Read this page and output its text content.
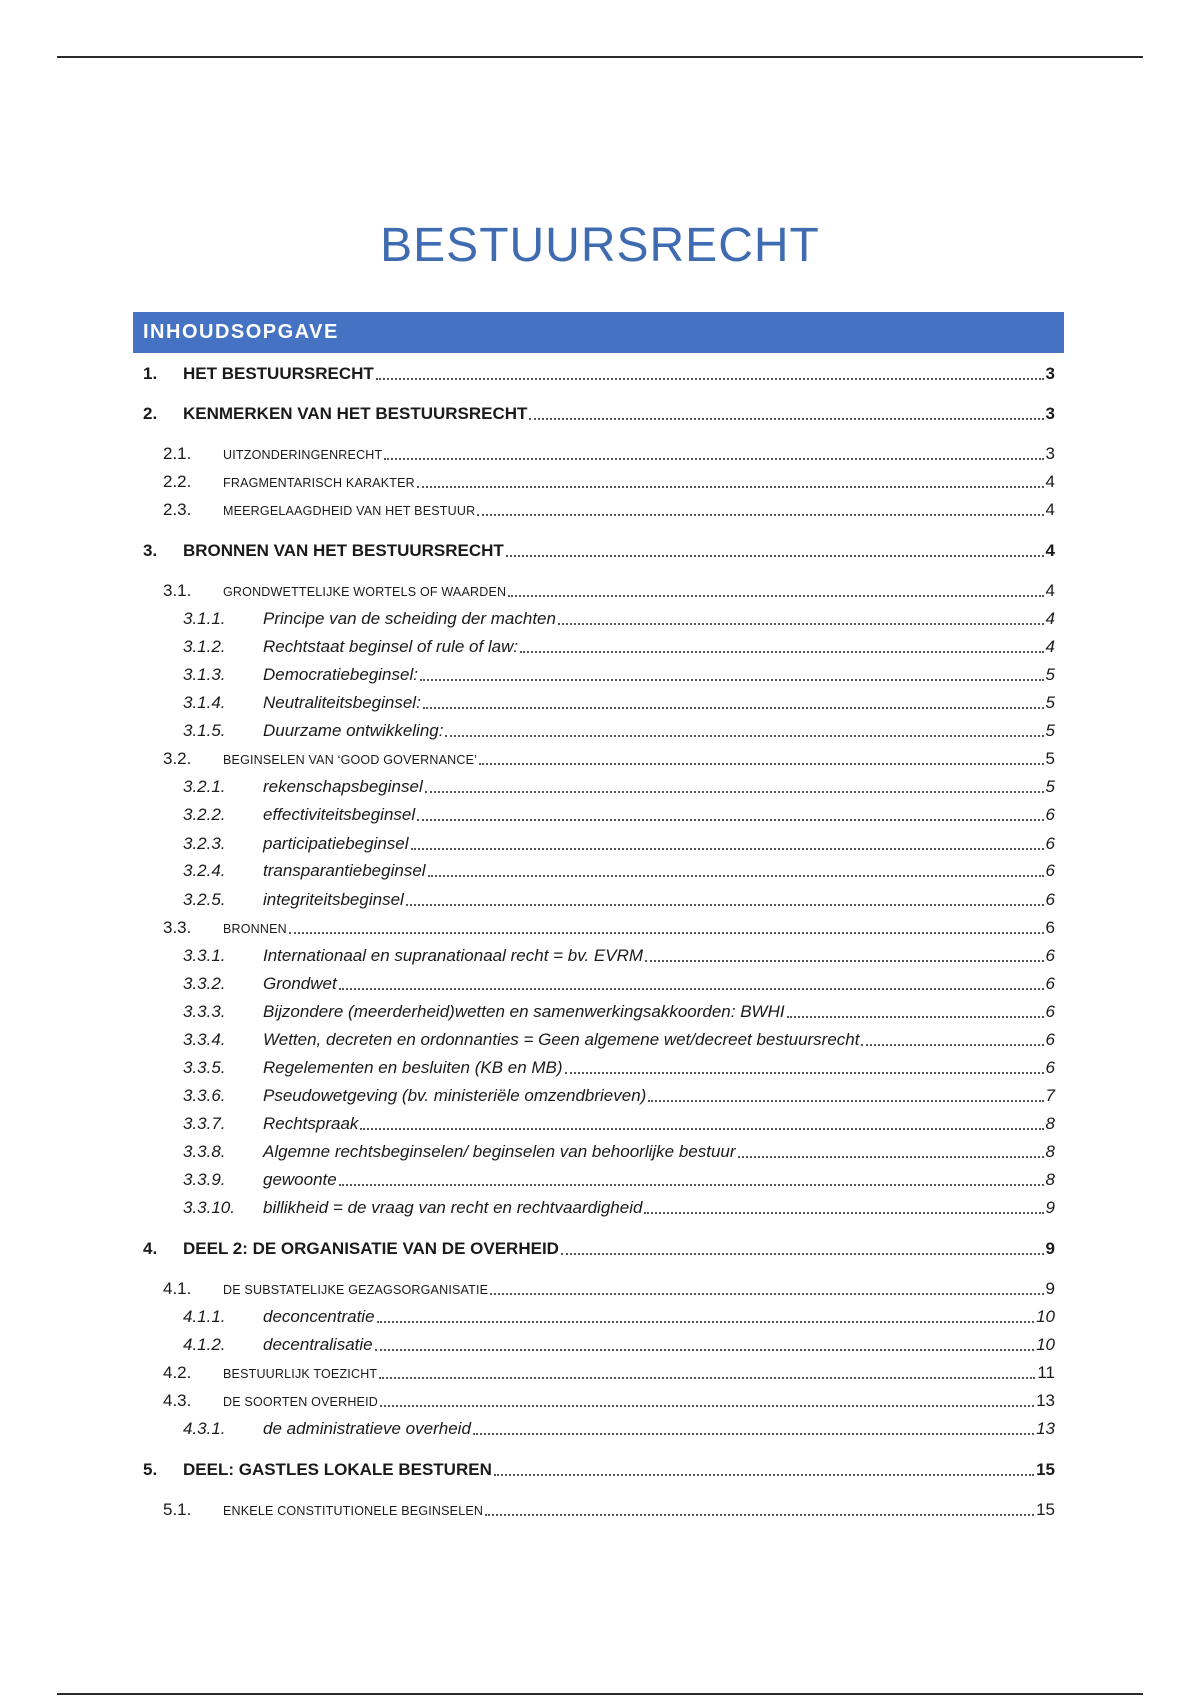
BESTUURSRECHT
INHOUDSOPGAVE
1.	HET BESTUURSRECHT	3
2.	KENMERKEN VAN HET BESTUURSRECHT	3
2.1.	UITZONDERINGENRECHT	3
2.2.	FRAGMENTARISCH KARAKTER	4
2.3.	MEERGELAAGDHEID VAN HET BESTUUR	4
3.	BRONNEN VAN HET BESTUURSRECHT	4
3.1.	GRONDWETTELIJKE WORTELS OF WAARDEN	4
3.1.1.	Principe van de scheiding der machten	4
3.1.2.	Rechtstaat beginsel of rule of law:	4
3.1.3.	Democratiebeginsel:	5
3.1.4.	Neutraliteitsbeginsel:	5
3.1.5.	Duurzame ontwikkeling:	5
3.2.	BEGINSELEN VAN ‘GOOD GOVERNANCE’	5
3.2.1.	rekenschapsbeginsel	5
3.2.2.	effectiviteitsbeginsel	6
3.2.3.	participatiebeginsel	6
3.2.4.	transparantiebeginsel	6
3.2.5.	integriteitsbeginsel	6
3.3.	BRONNEN	6
3.3.1.	Internationaal en supranationaal recht = bv. EVRM	6
3.3.2.	Grondwet	6
3.3.3.	Bijzondere (meerderheid)wetten en samenwerkingsakkoorden: BWHI	6
3.3.4.	Wetten, decreten en ordonnanties = Geen algemene wet/decreet bestuursrecht	6
3.3.5.	Regelementen en besluiten (KB en MB)	6
3.3.6.	Pseudowetgeving (bv. ministeriële omzendbrieven)	7
3.3.7.	Rechtspraak	8
3.3.8.	Algemne rechtsbeginselen/ beginselen van behoorlijke bestuur	8
3.3.9.	gewoonte	8
3.3.10.	billikheid = de vraag van recht en rechtvaardigheid	9
4.	DEEL 2: DE ORGANISATIE VAN DE OVERHEID	9
4.1.	DE SUBSTATELIJKE GEZAGSORGANISATIE	9
4.1.1.	deconcentratie	10
4.1.2.	decentralisatie	10
4.2.	BESTUURLIJK TOEZICHT	11
4.3.	DE SOORTEN OVERHEID	13
4.3.1.	de administratieve overheid	13
5.	DEEL: GASTLES LOKALE BESTUREN	15
5.1.	ENKELE CONSTITUTIONELE BEGINSELEN	15
